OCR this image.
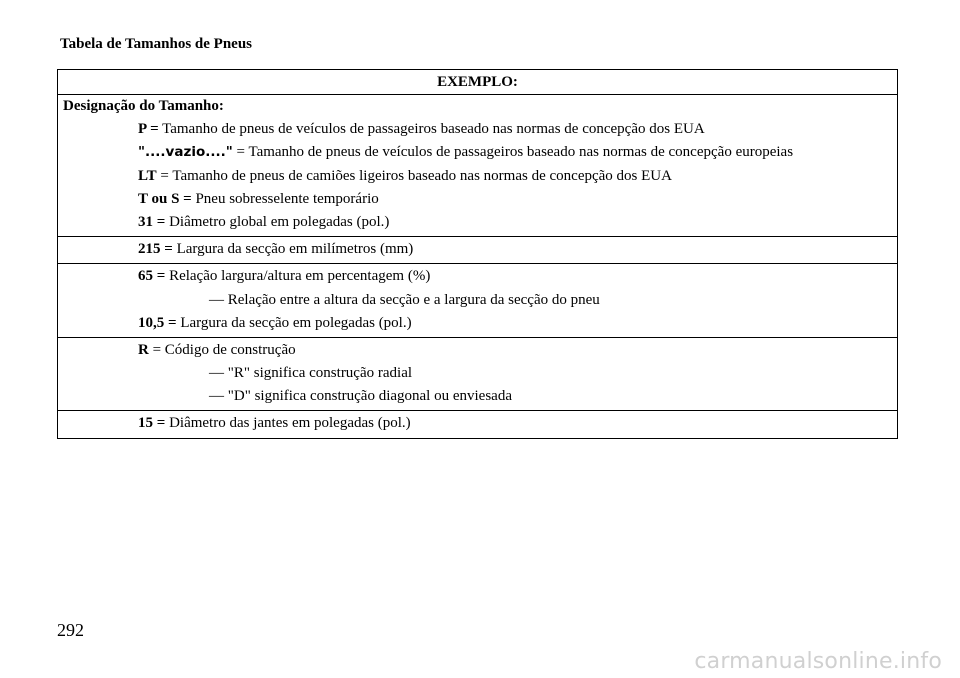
Tabela de Tamanhos de Pneus
EXEMPLO:
Designação do Tamanho:
P = Tamanho de pneus de veículos de passageiros baseado nas normas de concepção dos EUA
"....vazio...." = Tamanho de pneus de veículos de passageiros baseado nas normas de concepção europeias
LT = Tamanho de pneus de camiões ligeiros baseado nas normas de concepção dos EUA
T ou S = Pneu sobresselente temporário
31 = Diâmetro global em polegadas (pol.)
215 = Largura da secção em milímetros (mm)
65 = Relação largura/altura em percentagem (%)
— Relação entre a altura da secção e a largura da secção do pneu
10,5 = Largura da secção em polegadas (pol.)
R = Código de construção
— "R" significa construção radial
— "D" significa construção diagonal ou enviesada
15 = Diâmetro das jantes em polegadas (pol.)
292
carmanualsonline.info
